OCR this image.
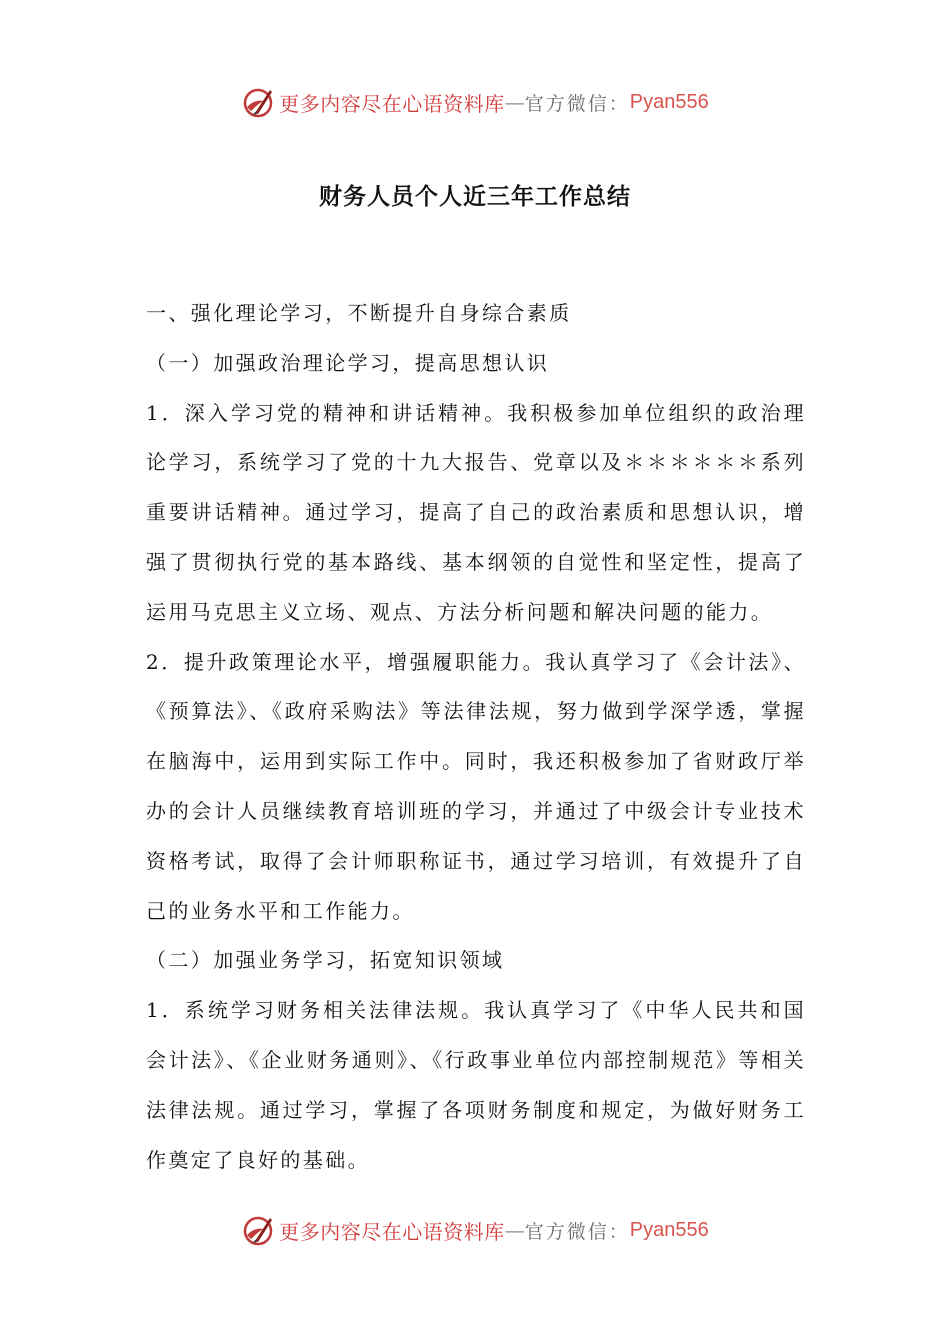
更多内容尽在心语资料库 — 官方微信： Pyan556
财务人员个人近三年工作总结

一、强化理论学习，不断提升自身综合素质

（一）加强政治理论学习，提高思想认识

1．深入学习党的精神和讲话精神。我积极参加单位组织的政治理论学习，系统学习了党的十九大报告、党章以及＊＊＊＊＊＊系列重要讲话精神。通过学习，提高了自己的政治素质和思想认识，增强了贯彻执行党的基本路线、基本纲领的自觉性和坚定性，提高了运用马克思主义立场、观点、方法分析问题和解决问题的能力。

2．提升政策理论水平，增强履职能力。我认真学习了《会计法》、《预算法》、《政府采购法》等法律法规，努力做到学深学透，掌握在脑海中，运用到实际工作中。同时，我还积极参加了省财政厅举办的会计人员继续教育培训班的学习，并通过了中级会计专业技术资格考试，取得了会计师职称证书，通过学习培训，有效提升了自己的业务水平和工作能力。

（二）加强业务学习，拓宽知识领域

1．系统学习财务相关法律法规。我认真学习了《中华人民共和国会计法》、《企业财务通则》、《行政事业单位内部控制规范》等相关法律法规。通过学习，掌握了各项财务制度和规定，为做好财务工作奠定了良好的基础。

更多内容尽在心语资料库 — 官方微信： Pyan556
